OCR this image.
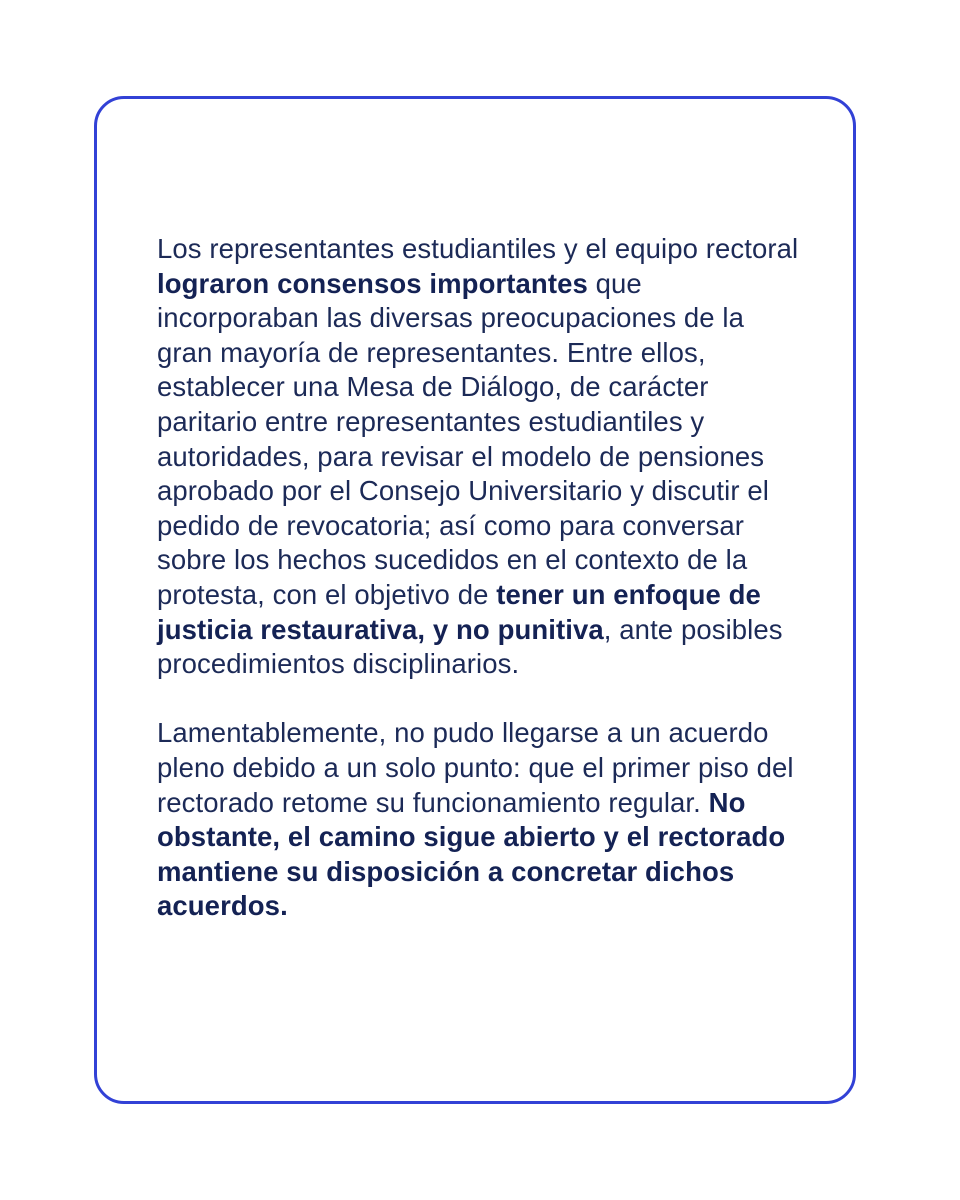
Los representantes estudiantiles y el equipo rectoral lograron consensos importantes que incorporaban las diversas preocupaciones de la gran mayoría de representantes. Entre ellos, establecer una Mesa de Diálogo, de carácter paritario entre representantes estudiantiles y autoridades, para revisar el modelo de pensiones aprobado por el Consejo Universitario y discutir el pedido de revocatoria; así como para conversar sobre los hechos sucedidos en el contexto de la protesta, con el objetivo de tener un enfoque de justicia restaurativa, y no punitiva, ante posibles procedimientos disciplinarios.

Lamentablemente, no pudo llegarse a un acuerdo pleno debido a un solo punto: que el primer piso del rectorado retome su funcionamiento regular. No obstante, el camino sigue abierto y el rectorado mantiene su disposición a concretar dichos acuerdos.
